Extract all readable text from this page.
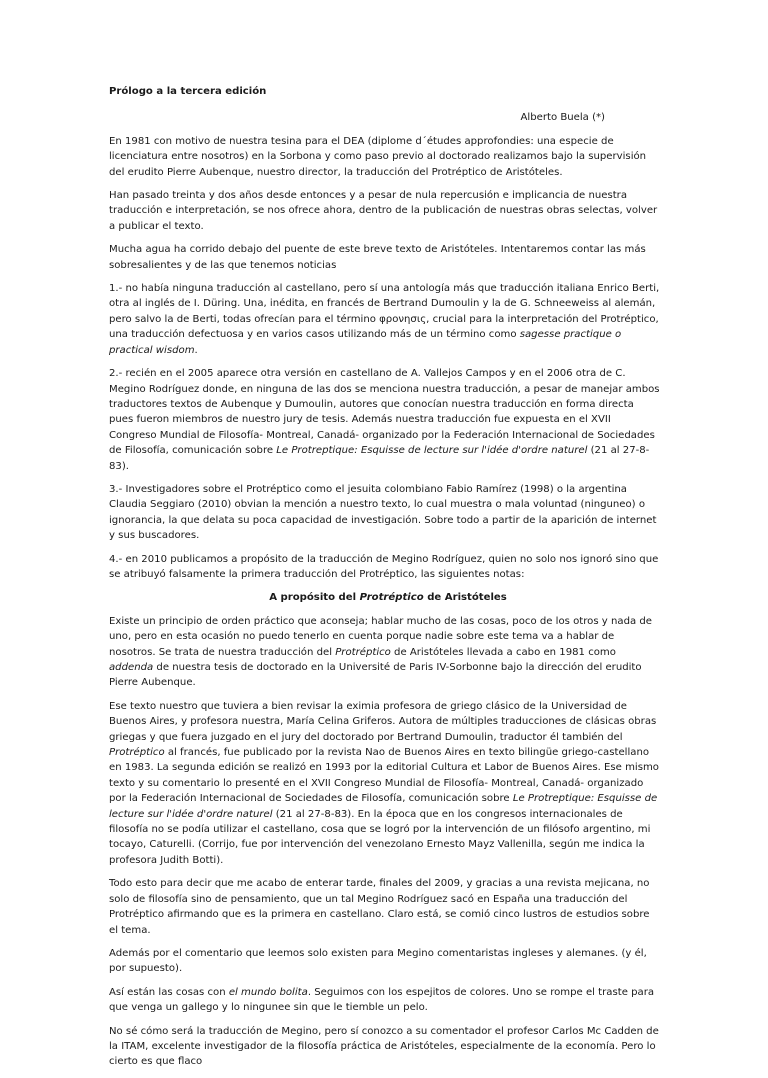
Prólogo a la tercera edición
Alberto Buela (*)

En 1981 con motivo de nuestra tesina para el DEA (diplome d´études approfondies: una especie de licenciatura entre nosotros) en la Sorbona y como paso previo al doctorado realizamos bajo la supervisión del erudito Pierre Aubenque, nuestro director, la traducción del Protréptico de Aristóteles.

Han pasado treinta y dos años desde entonces y a pesar de nula repercusión e implicancia de nuestra traducción e interpretación, se nos ofrece ahora, dentro de la publicación de nuestras obras selectas, volver a publicar el texto.

Mucha agua ha corrido debajo del puente de este breve texto de Aristóteles. Intentaremos contar las más sobresalientes y de las que tenemos noticias

1.- no había ninguna traducción al castellano, pero sí una antología más que traducción italiana Enrico Berti, otra al inglés de I. Düring. Una, inédita, en francés de Bertrand Dumoulin y la de G. Schneeweiss al alemán, pero salvo la de Berti, todas ofrecían para el término φρονησις, crucial para la interpretación del Protréptico, una traducción defectuosa y en varios casos utilizando más de un término como sagesse practique o practical wisdom.

2.- recién en el 2005 aparece otra versión en castellano de A. Vallejos Campos y en el 2006 otra de C. Megino Rodríguez donde, en ninguna de las dos se menciona nuestra traducción, a pesar de manejar ambos traductores textos de Aubenque y Dumoulin, autores que conocían nuestra traducción en forma directa pues fueron miembros de nuestro jury de tesis. Además nuestra traducción fue expuesta en el XVII Congreso Mundial de Filosofía- Montreal, Canadá- organizado por la Federación Internacional de Sociedades de Filosofía, comunicación sobre Le Protreptique: Esquisse de lecture sur l'idée d'ordre naturel (21 al 27-8-83).

3.- Investigadores sobre el Protréptico como el jesuita colombiano Fabio Ramírez (1998) o la argentina Claudia Seggiaro (2010) obvian la mención a nuestro texto, lo cual muestra o mala voluntad (ninguneo) o ignorancia, la que delata su poca capacidad de investigación. Sobre todo a partir de la aparición de internet y sus buscadores.

4.- en 2010 publicamos a propósito de la traducción de Megino Rodríguez, quien no solo nos ignoró sino que se atribuyó falsamente la primera traducción del Protréptico, las siguientes notas:

A propósito del Protréptico de Aristóteles

Existe un principio de orden práctico que aconseja; hablar mucho de las cosas, poco de los otros y nada de uno, pero en esta ocasión no puedo tenerlo en cuenta porque nadie sobre este tema va a hablar de nosotros. Se trata de nuestra traducción del Protréptico de Aristóteles llevada a cabo en 1981 como addenda de nuestra tesis de doctorado en la Université de Paris IV-Sorbonne bajo la dirección del erudito Pierre Aubenque.

Ese texto nuestro que tuviera a bien revisar la eximia profesora de griego clásico de la Universidad de Buenos Aires, y profesora nuestra, María Celina Griferos. Autora de múltiples traducciones de clásicas obras griegas y que fuera juzgado en el jury del doctorado por Bertrand Dumoulin, traductor él también del Protréptico al francés, fue publicado por la revista Nao de Buenos Aires en texto bilingüe griego-castellano en 1983. La segunda edición se realizó en 1993 por la editorial Cultura et Labor de Buenos Aires. Ese mismo texto y su comentario lo presenté en el XVII Congreso Mundial de Filosofía- Montreal, Canadá- organizado por la Federación Internacional de Sociedades de Filosofía, comunicación sobre Le Protreptique: Esquisse de lecture sur l'idée d'ordre naturel (21 al 27-8-83). En la época que en los congresos internacionales de filosofía no se podía utilizar el castellano, cosa que se logró por la intervención de un filósofo argentino, mi tocayo, Caturelli. (Corrijo, fue por intervención del venezolano Ernesto Mayz Vallenilla, según me indica la profesora Judith Botti).

Todo esto para decir que me acabo de enterar tarde, finales del 2009, y gracias a una revista mejicana, no solo de filosofía sino de pensamiento, que un tal Megino Rodríguez sacó en España una traducción del Protréptico afirmando que es la primera en castellano. Claro está, se comió cinco lustros de estudios sobre el tema.

Además por el comentario que leemos solo existen para Megino comentaristas ingleses y alemanes. (y él, por supuesto).

Así están las cosas con el mundo bolita. Seguimos con los espejitos de colores. Uno se rompe el traste para que venga un gallego y lo ningunee sin que le tiemble un pelo.

No sé cómo será la traducción de Megino, pero sí conozco a su comentador el profesor Carlos Mc Cadden de la ITAM, excelente investigador de la filosofía práctica de Aristóteles, especialmente de la economía. Pero lo cierto es que flaco
